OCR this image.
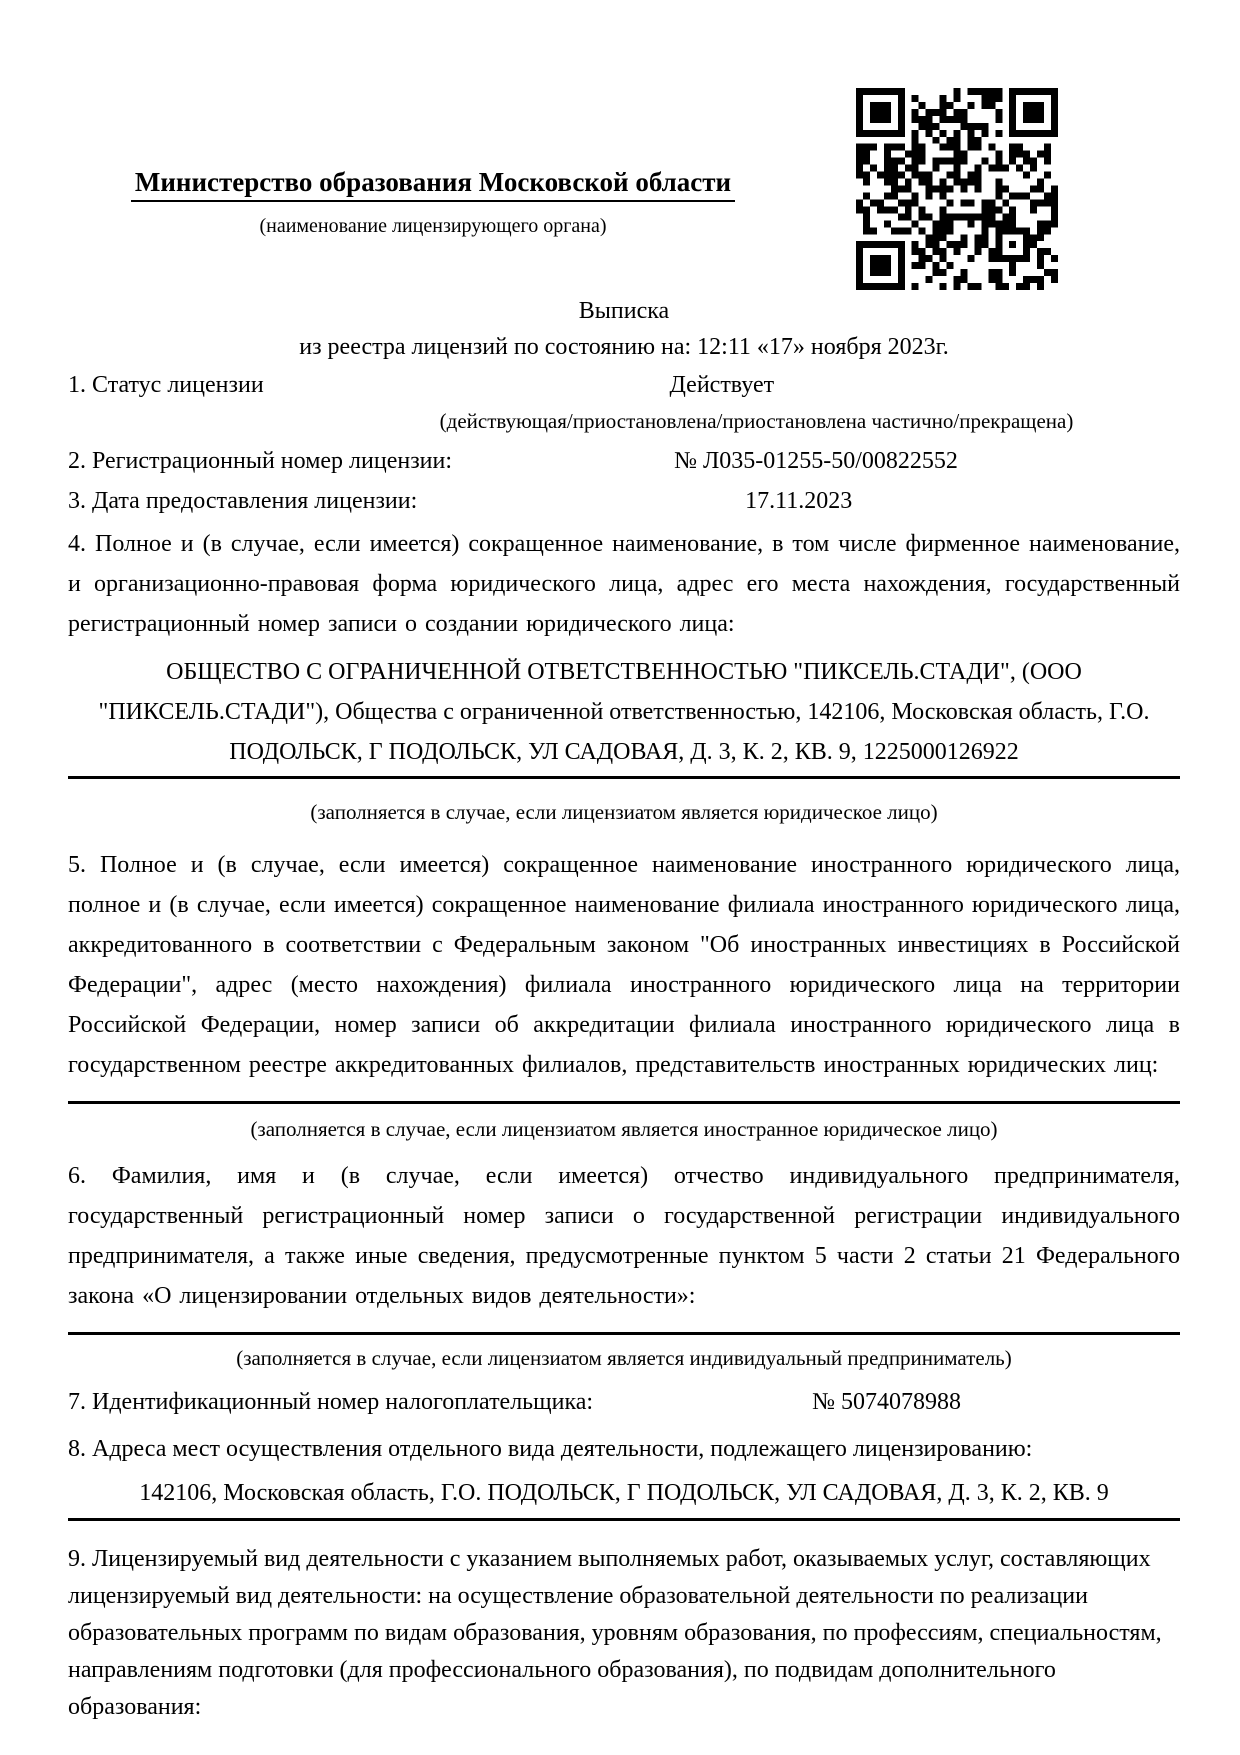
Министерство образования Московской области
(наименование лицензирующего органа)
Выписка
из реестра лицензий по состоянию на: 12:11 «17» ноября 2023г.
1. Статус лицензии	Действует
(действующая/приостановлена/приостановлена частично/прекращена)
2. Регистрационный номер лицензии:	№ Л035-01255-50/00822552
3. Дата предоставления лицензии:	17.11.2023
4. Полное и (в случае, если имеется) сокращенное наименование, в том числе фирменное наименование, и организационно-правовая форма юридического лица, адрес его места нахождения, государственный регистрационный номер записи о создании юридического лица:
ОБЩЕСТВО С ОГРАНИЧЕННОЙ ОТВЕТСТВЕННОСТЬЮ "ПИКСЕЛЬ.СТАДИ", (ООО "ПИКСЕЛЬ.СТАДИ"), Общества с ограниченной ответственностью, 142106, Московская область, Г.О. ПОДОЛЬСК, Г ПОДОЛЬСК, УЛ САДОВАЯ, Д. 3, К. 2, КВ. 9, 1225000126922
(заполняется в случае, если лицензиатом является юридическое лицо)
5. Полное и (в случае, если имеется) сокращенное наименование иностранного юридического лица, полное и (в случае, если имеется) сокращенное наименование филиала иностранного юридического лица, аккредитованного в соответствии с Федеральным законом "Об иностранных инвестициях в Российской Федерации", адрес (место нахождения) филиала иностранного юридического лица на территории Российской Федерации, номер записи об аккредитации филиала иностранного юридического лица в государственном реестре аккредитованных филиалов, представительств иностранных юридических лиц:
(заполняется в случае, если лицензиатом является иностранное юридическое лицо)
6. Фамилия, имя и (в случае, если имеется) отчество индивидуального предпринимателя, государственный регистрационный номер записи о государственной регистрации индивидуального предпринимателя, а также иные сведения, предусмотренные пунктом 5 части 2 статьи 21 Федерального закона «О лицензировании отдельных видов деятельности»:
(заполняется в случае, если лицензиатом является индивидуальный предприниматель)
7. Идентификационный номер налогоплательщика:	№ 5074078988
8. Адреса мест осуществления отдельного вида деятельности, подлежащего лицензированию:
142106, Московская область, Г.О. ПОДОЛЬСК, Г ПОДОЛЬСК, УЛ САДОВАЯ, Д. 3, К. 2, КВ. 9
9. Лицензируемый вид деятельности с указанием выполняемых работ, оказываемых услуг, составляющих лицензируемый вид деятельности: на осуществление образовательной деятельности по реализации образовательных программ по видам образования, уровням образования, по профессиям, специальностям, направлениям подготовки (для профессионального образования), по подвидам дополнительного образования:
